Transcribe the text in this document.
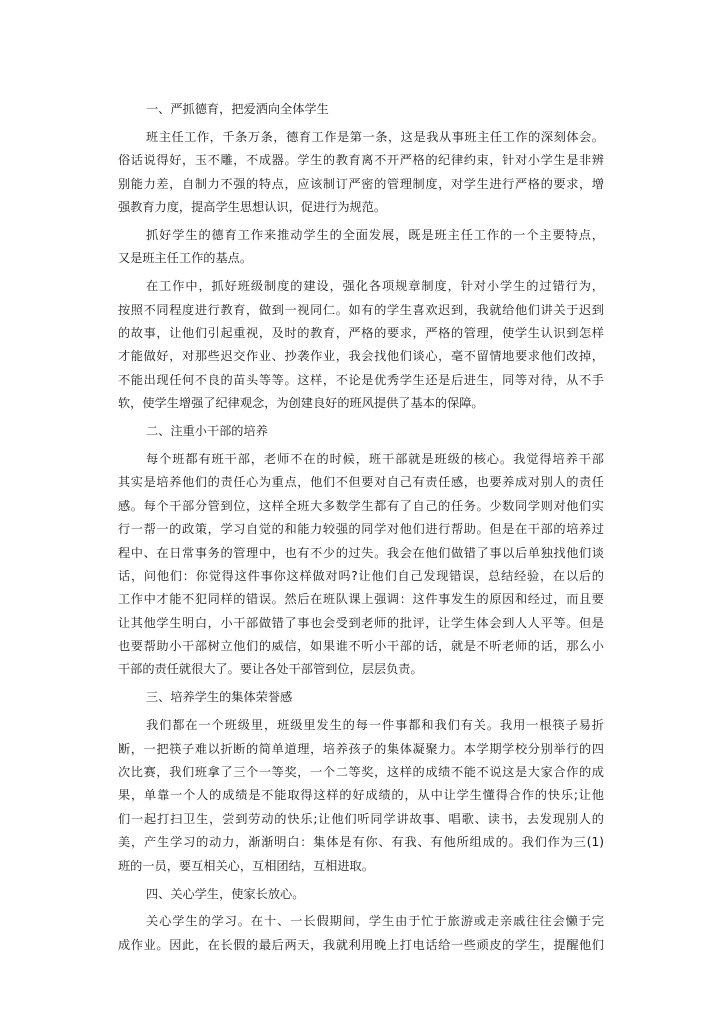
一、严抓德育，把爱洒向全体学生
班主任工作，千条万条，德育工作是第一条，这是我从事班主任工作的深刻体会。
俗话说得好，玉不雕，不成器。学生的教育离不开严格的纪律约束，针对小学生是非辨
别能力差，自制力不强的特点，应该制订严密的管理制度，对学生进行严格的要求，增
强教育力度，提高学生思想认识，促进行为规范。
抓好学生的德育工作来推动学生的全面发展，既是班主任工作的一个主要特点，
又是班主任工作的基点。
在工作中，抓好班级制度的建设，强化各项规章制度，针对小学生的过错行为，
按照不同程度进行教育，做到一视同仁。如有的学生喜欢迟到，我就给他们讲关于迟到
的故事，让他们引起重视，及时的教育，严格的要求，严格的管理，使学生认识到怎样
才能做好，对那些迟交作业、抄袭作业，我会找他们谈心，毫不留情地要求他们改掉，
不能出现任何不良的苗头等等。这样，不论是优秀学生还是后进生，同等对待，从不手
软，使学生增强了纪律观念，为创建良好的班风提供了基本的保障。
二、注重小干部的培养
每个班都有班干部，老师不在的时候，班干部就是班级的核心。我觉得培养干部
其实是培养他们的责任心为重点，他们不但要对自己有责任感，也要养成对别人的责任
感。每个干部分管到位，这样全班大多数学生都有了自己的任务。少数同学则对他们实
行一帮一的政策，学习自觉的和能力较强的同学对他们进行帮助。但是在干部的培养过
程中、在日常事务的管理中，也有不少的过失。我会在他们做错了事以后单独找他们谈
话，问他们：你觉得这件事你这样做对吗?让他们自己发现错误，总结经验，在以后的
工作中才能不犯同样的错误。然后在班队课上强调：这件事发生的原因和经过，而且要
让其他学生明白，小干部做错了事也会受到老师的批评，让学生体会到人人平等。但是
也要帮助小干部树立他们的威信，如果谁不听小干部的话，就是不听老师的话，那么小
干部的责任就很大了。要让各处干部管到位，层层负责。
三、培养学生的集体荣誉感
我们都在一个班级里，班级里发生的每一件事都和我们有关。我用一根筷子易折
断，一把筷子难以折断的简单道理，培养孩子的集体凝聚力。本学期学校分别举行的四
次比赛，我们班拿了三个一等奖，一个二等奖，这样的成绩不能不说这是大家合作的成
果，单靠一个人的成绩是不能取得这样的好成绩的，从中让学生懂得合作的快乐;让他
们一起打扫卫生，尝到劳动的快乐;让他们听同学讲故事、唱歌、读书，去发现别人的
美，产生学习的动力，渐渐明白：集体是有你、有我、有他所组成的。我们作为三(1)
班的一员，要互相关心，互相团结，互相进取。
四、关心学生，使家长放心。
关心学生的学习。在十、一长假期间，学生由于忙于旅游或走亲戚往往会懒于完
成作业。因此，在长假的最后两天，我就利用晚上打电话给一些顽皮的学生，提醒他们
